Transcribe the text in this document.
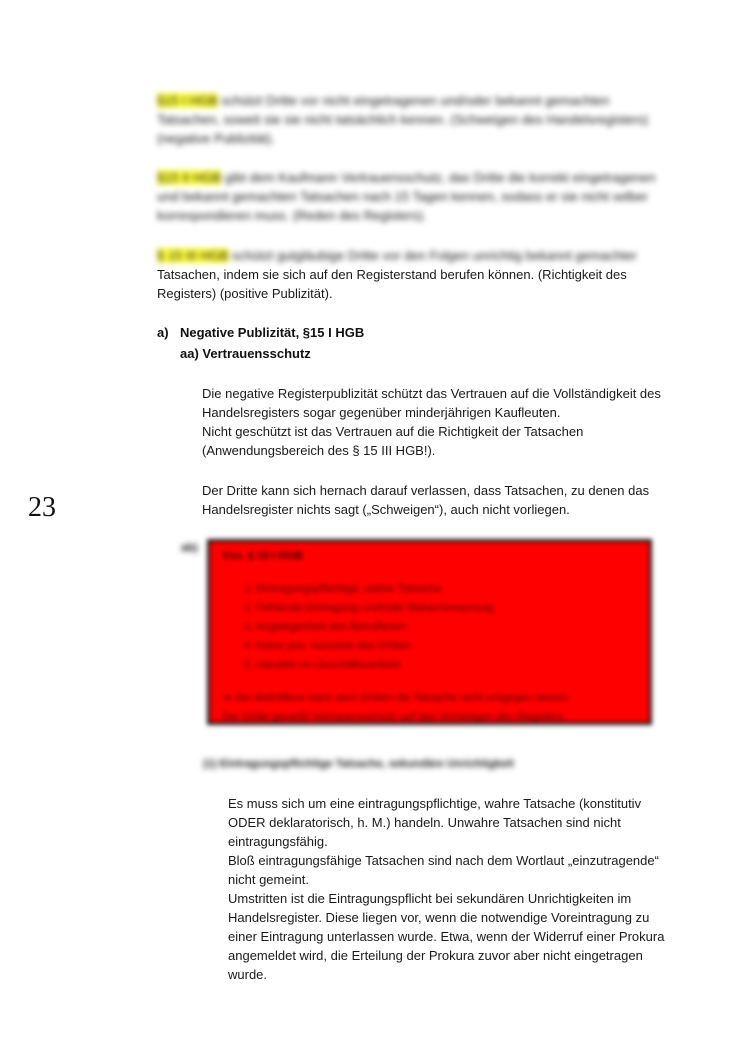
23
§15 I HGB schützt Dritte vor nicht eingetragenen und/oder bekannt gemachten Tatsachen, soweit sie sie nicht tatsächlich kennen. (Schweigen des Handelsregisters) (negative Publizität).
§15 II HGB gibt dem Kaufmann Vertrauensschutz, das Dritte die korrekt eingetragenen und bekannt gemachten Tatsachen nach 15 Tagen kennen, sodass er sie nicht selber korrespondieren muss. (Reden des Registers).
§ 15 III HGB schützt gutgläubige Dritte vor den Folgen unrichtig bekannt gemachter
Tatsachen, indem sie sich auf den Registerstand berufen können. (Richtigkeit des
Registers) (positive Publizität).
a) Negative Publizität, §15 I HGB
aa) Vertrauensschutz
Die negative Registerpublizität schützt das Vertrauen auf die Vollständigkeit des
Handelsregisters sogar gegenüber minderjährigen Kaufleuten.
Nicht geschützt ist das Vertrauen auf die Richtigkeit der Tatsachen
(Anwendungsbereich des § 15 III HGB!).
Der Dritte kann sich hernach darauf verlassen, dass Tatsachen, zu denen das
Handelsregister nichts sagt („Schweigen“), auch nicht vorliegen.
ab)
Vss. § 15 I HGB
1. Eintragungspflichtige, wahre Tatsache
2. Fehlende Eintragung und/oder Bekanntmachung
3. Angelegenheit des Betroffenen
4. Keine pos. Kenntnis des Dritten
5. Handeln im Geschäftsverkehr
➔ Der Betroffene kann dem Dritten die Tatsache nicht entgegen setzen.
Der Dritte genießt Vertrauensschutz auf das Schweigen des Registers.
(1) Eintragungspflichtige Tatsache, sekundäre Unrichtigkeit
Es muss sich um eine eintragungspflichtige, wahre Tatsache (konstitutiv
ODER deklaratorisch, h. M.) handeln. Unwahre Tatsachen sind nicht
eintragungsfähig.
Bloß eintragungsfähige Tatsachen sind nach dem Wortlaut „einzutragende“
nicht gemeint.
Umstritten ist die Eintragungspflicht bei sekundären Unrichtigkeiten im
Handelsregister. Diese liegen vor, wenn die notwendige Voreintragung zu
einer Eintragung unterlassen wurde. Etwa, wenn der Widerruf einer Prokura
angemeldet wird, die Erteilung der Prokura zuvor aber nicht eingetragen
wurde.
